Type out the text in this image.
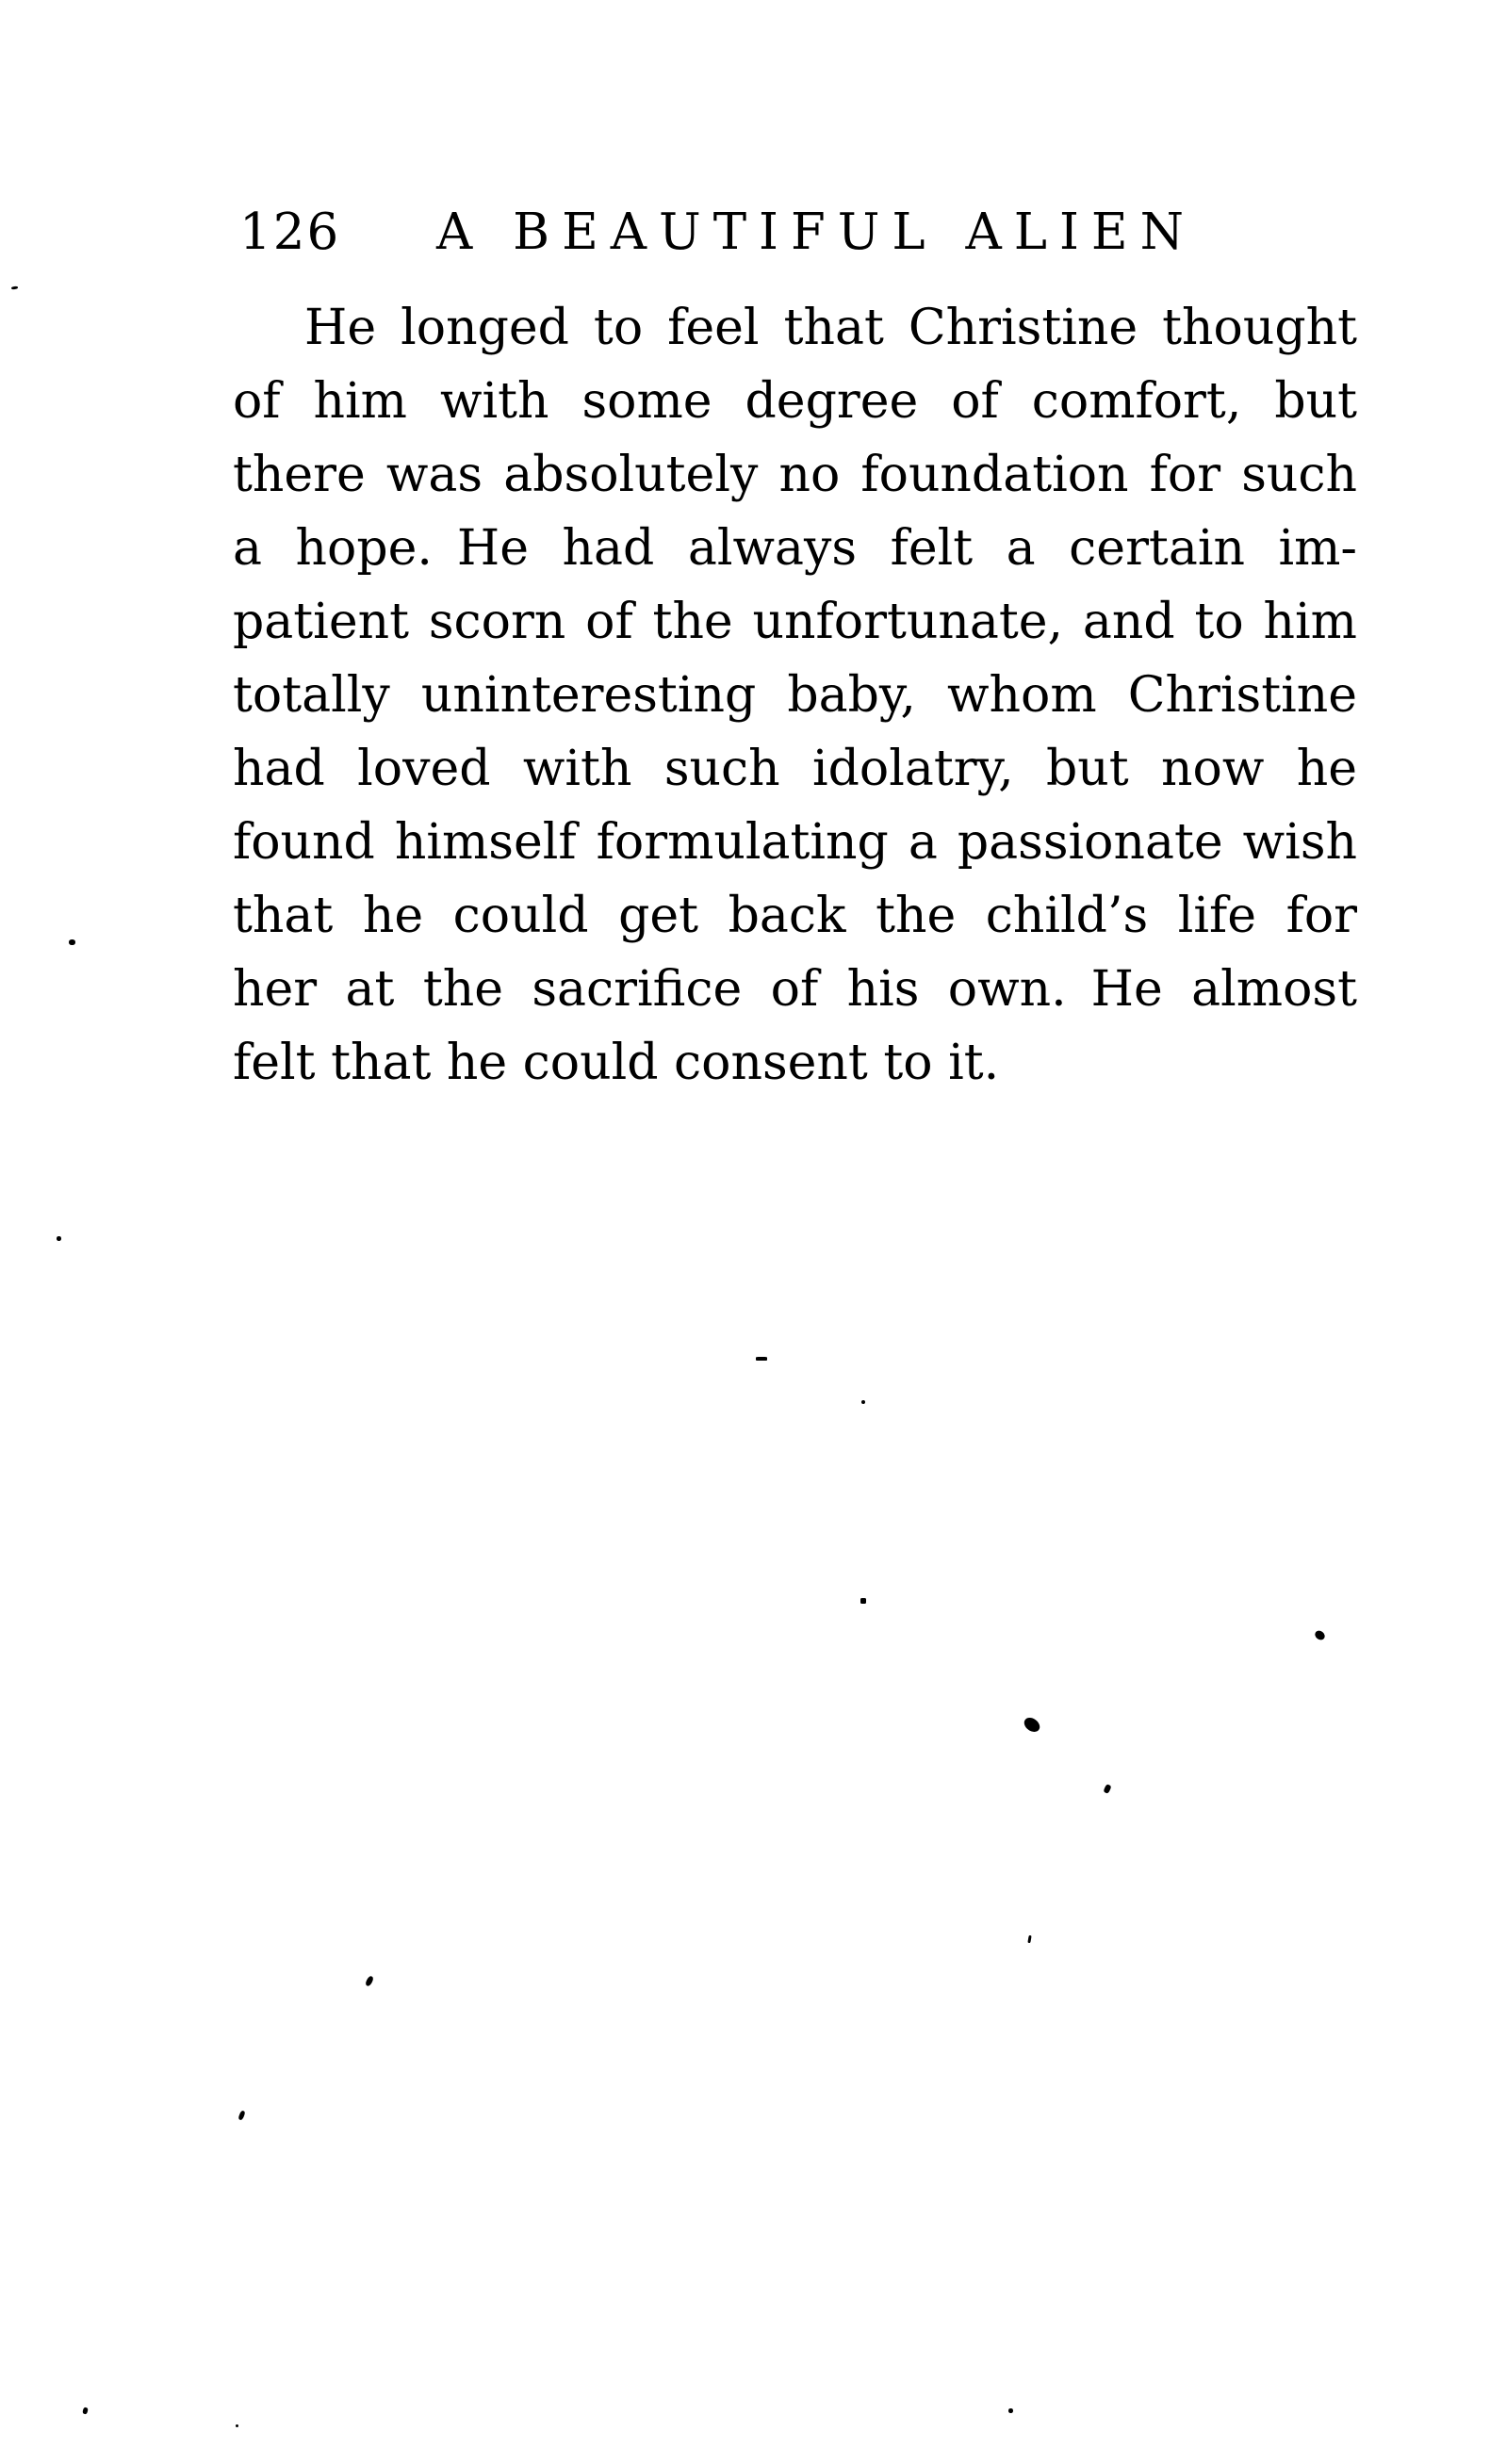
126 A BEAUTIFUL ALIEN
He longed to feel that Christine thought
of him with some degree of comfort, but
there was absolutely no foundation for such
a hope. He had always felt a certain im-
patient scorn of the unfortunate, and to him
totally uninteresting baby, whom Christine
had loved with such idolatry, but now he
found himself formulating a passionate wish
that he could get back the child’s life for
her at the sacrifice of his own. He almost
felt that he could consent to it.
